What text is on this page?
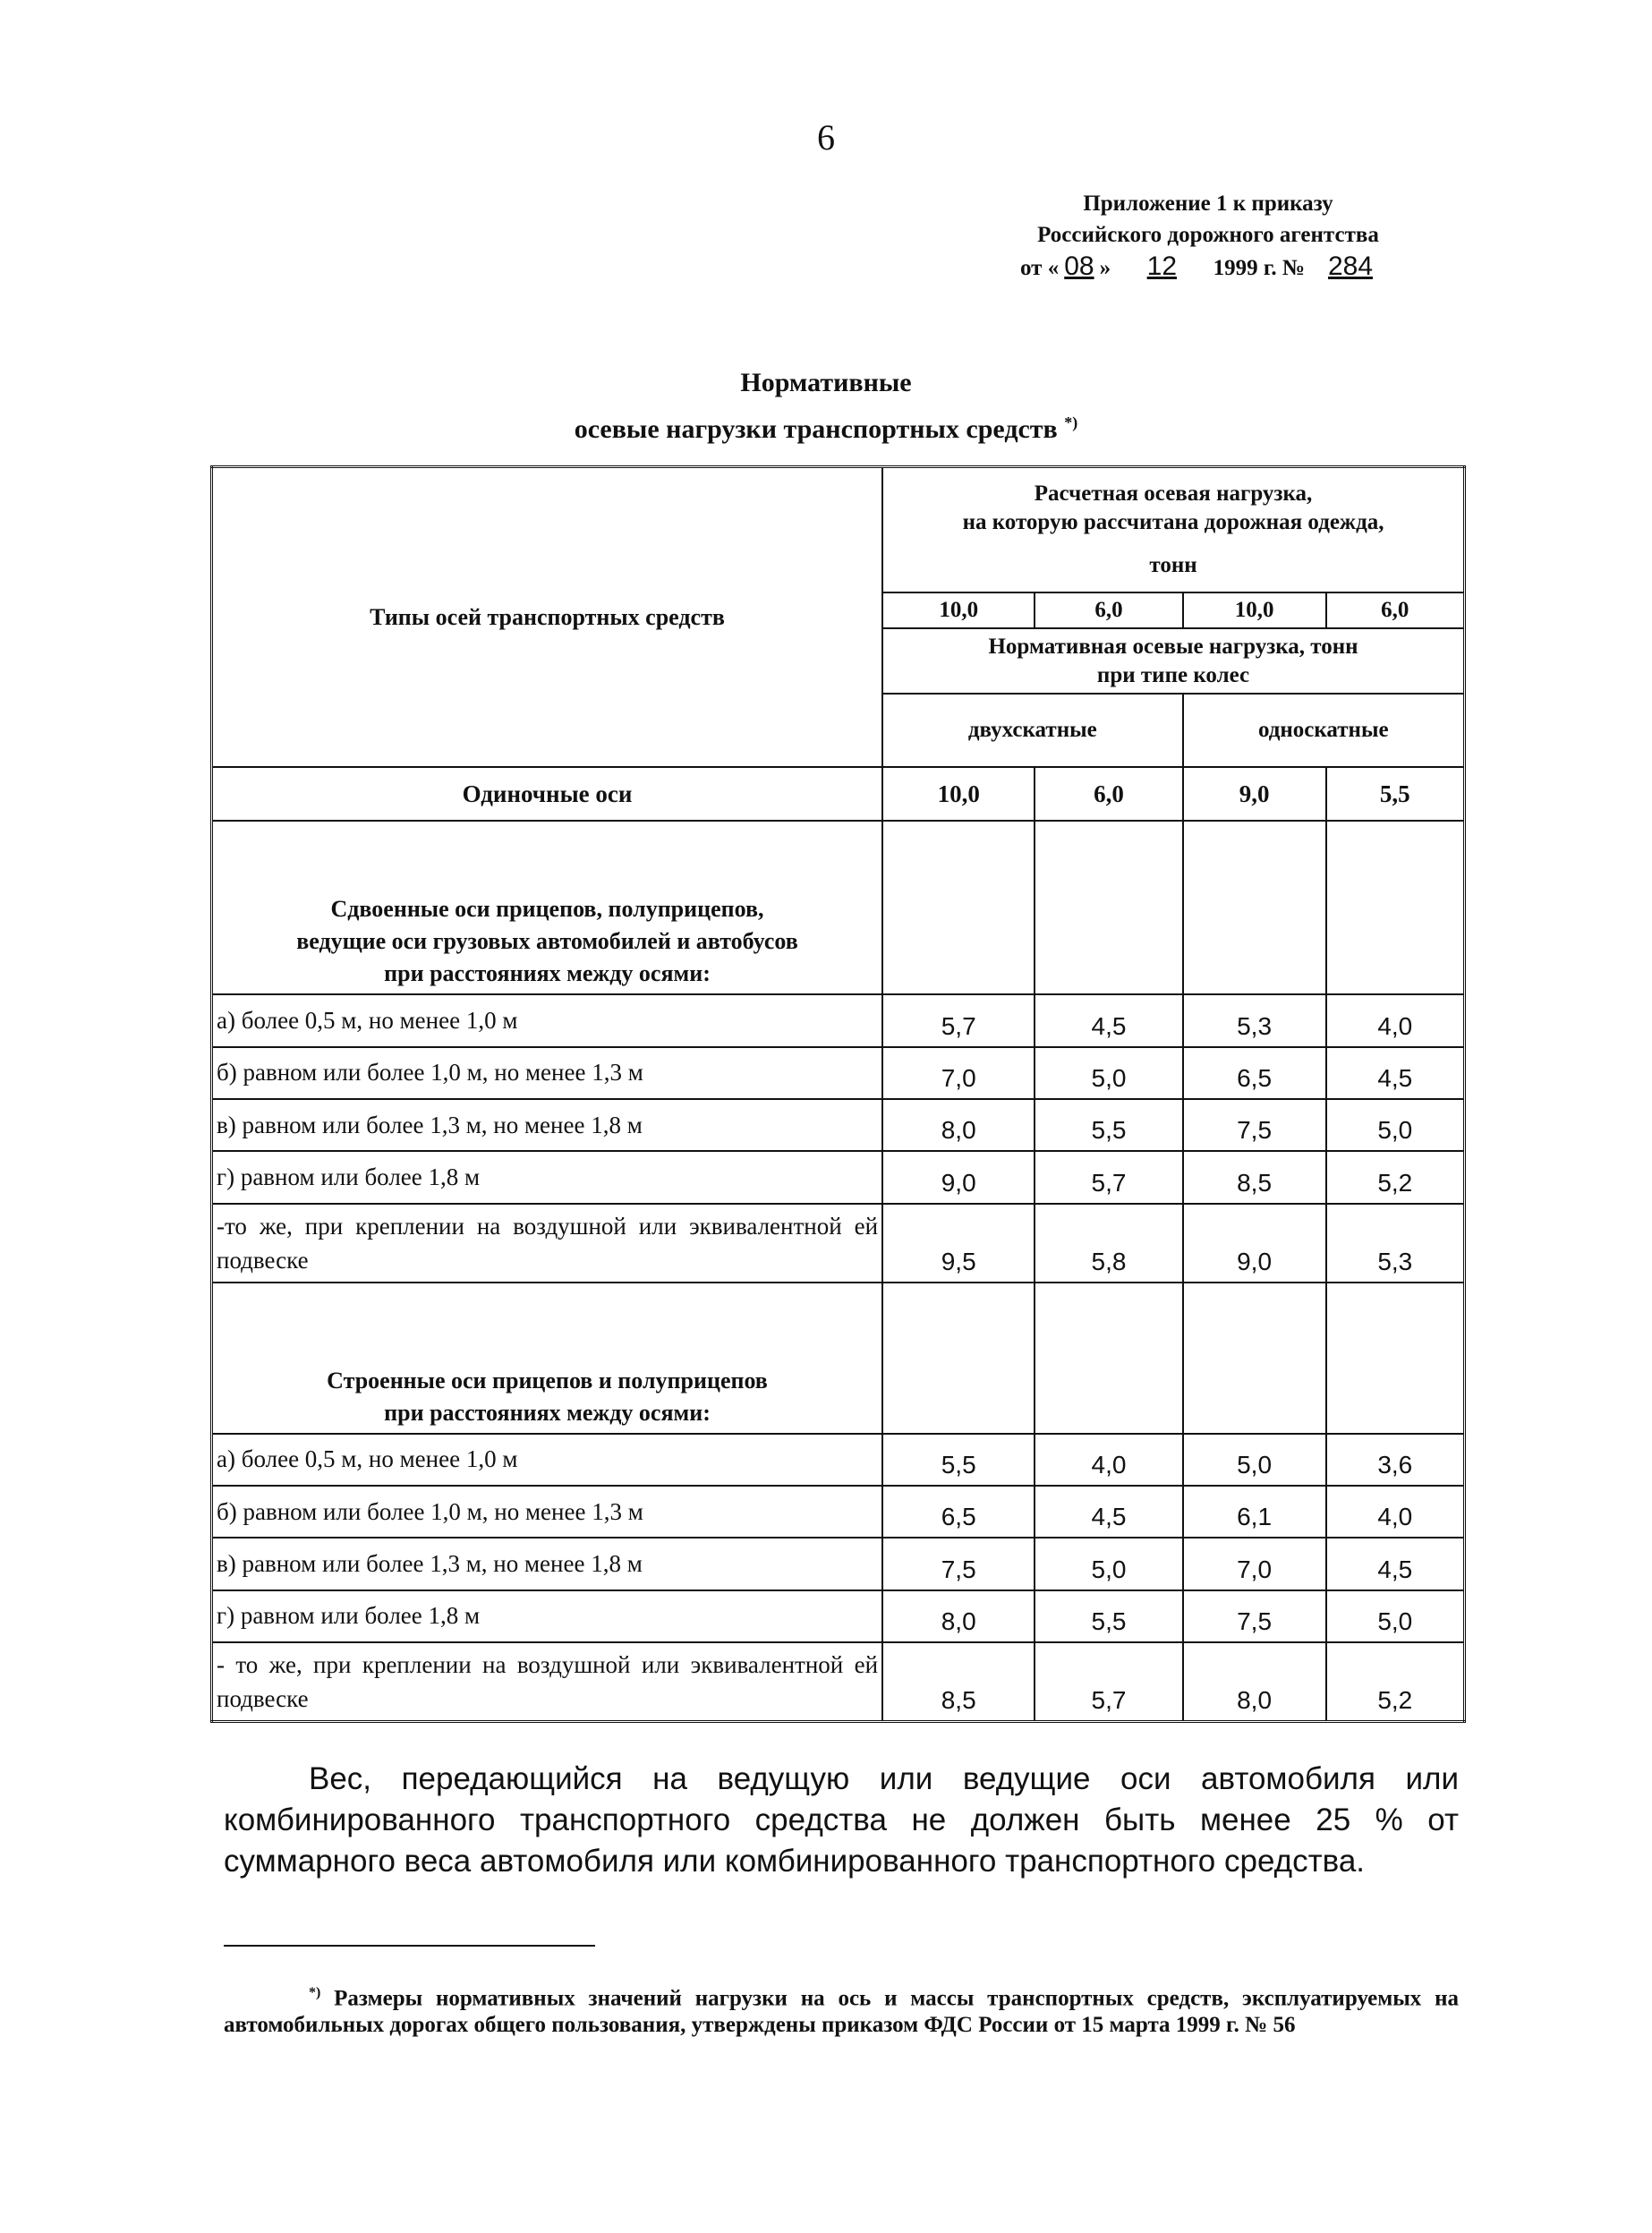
6
Приложение 1 к приказу
Российского дорожного агентства
от « 08 » 12 1999 г. № 284
Нормативные
осевые нагрузки транспортных средств *)
Типы осей транспортных средств	Расчетная осевая нагрузка,
на которую рассчитана дорожная одежда,
тонн			

	10,0	6,0	10,0	6,0

	Нормативная осевые нагрузка, тонн
при типе колес			

	двухскатные		односкатные	
Одиночные оси	10,0	6,0	9,0	5,5

Сдвоенные оси прицепов, полуприцепов,
ведущие оси грузовых автомобилей и автобусов
при расстояниях между осями:				

а) более 0,5 м, но менее 1,0 м	5,7	4,5	5,3	4,0
б) равном или более 1,0 м, но менее 1,3 м	7,0	5,0	6,5	4,5
в) равном или более 1,3 м, но менее 1,8 м	8,0	5,5	7,5	5,0
г) равном или более 1,8 м	9,0	5,7	8,5	5,2
-то же, при креплении на воздушной или эквивалентной ей подвеске	9,5	5,8	9,0	5,3

Строенные оси прицепов и полуприцепов
при расстояниях между осями:				

а) более 0,5 м, но менее 1,0 м	5,5	4,0	5,0	3,6
б) равном или более 1,0 м, но менее 1,3 м	6,5	4,5	6,1	4,0
в) равном или более 1,3 м, но менее 1,8 м	7,5	5,0	7,0	4,5
г) равном или более 1,8 м	8,0	5,5	7,5	5,0
- то же, при креплении на воздушной или эквивалентной ей подвеске	8,5	5,7	8,0	5,2
Вес, передающийся на ведущую или ведущие оси автомобиля или комбинированного транспортного средства не должен быть менее 25 % от суммарного веса автомобиля или комбинированного транспортного средства.
*) Размеры нормативных значений нагрузки на ось и массы транспортных средств, эксплуатируемых на автомобильных дорогах общего пользования, утверждены приказом ФДС России от 15 марта 1999 г. № 56
